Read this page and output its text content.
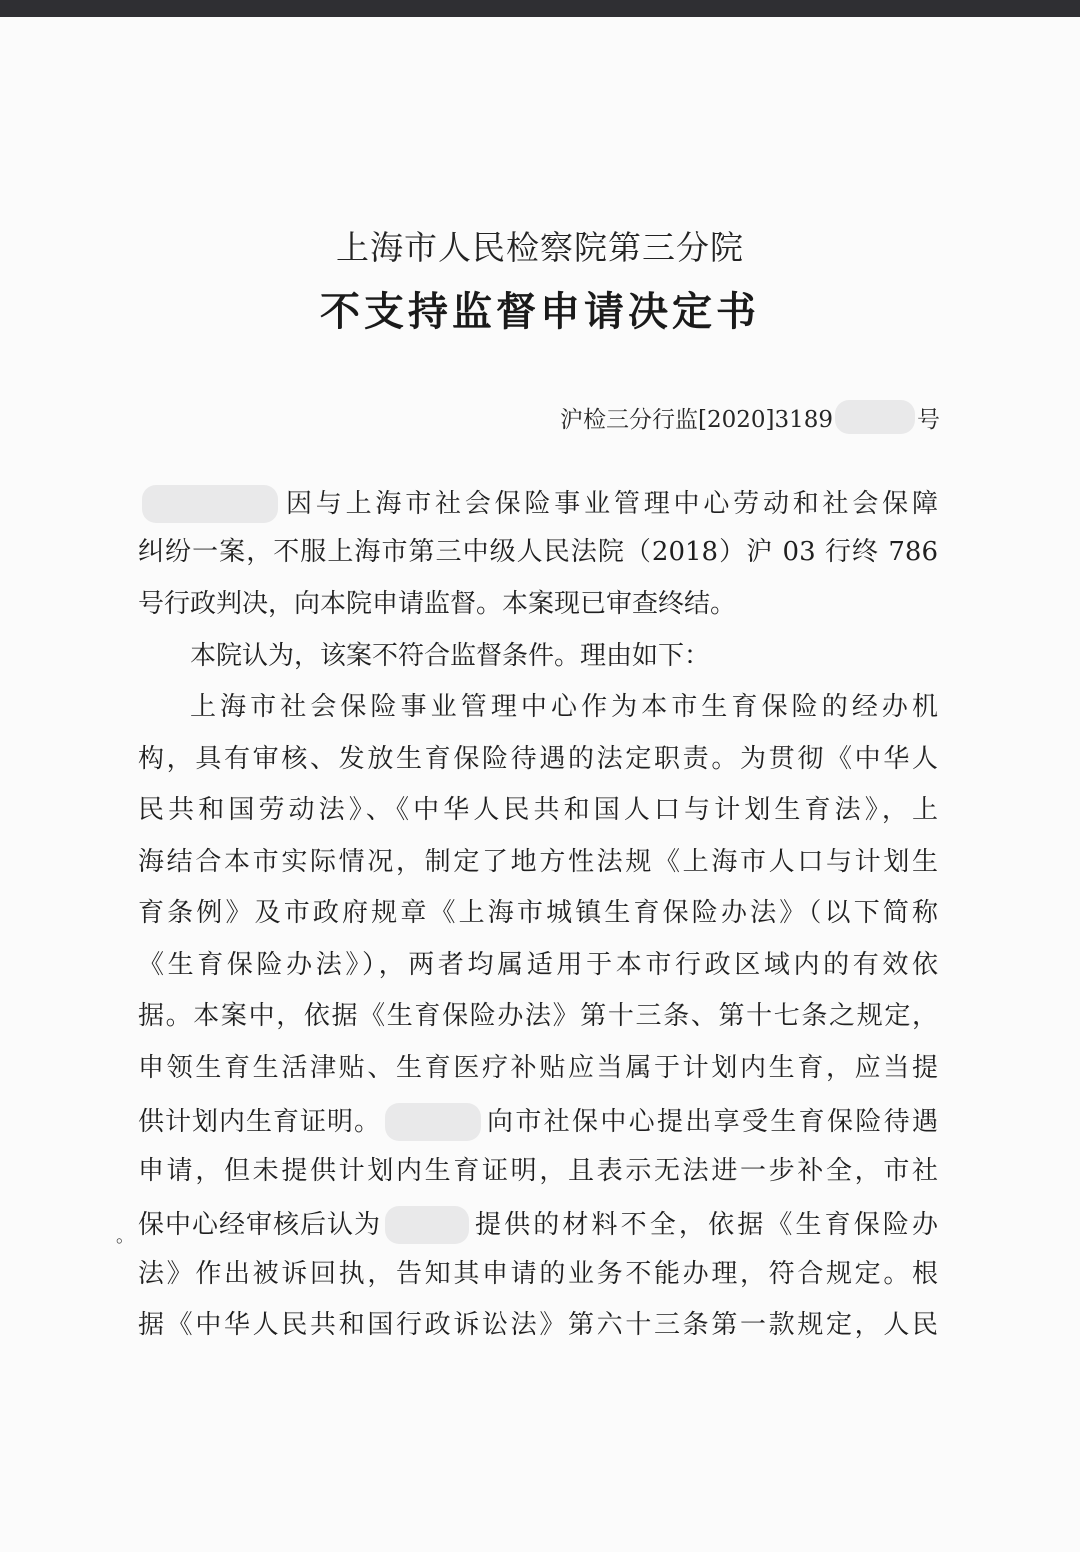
上海市人民检察院第三分院
不支持监督申请决定书
沪检三分行监[2020]3189	号
因与上海市社会保险事业管理中心劳动和社会保障
纠纷一案，不服上海市第三中级人民法院（2018）沪 03 行终 786
号行政判决，向本院申请监督。本案现已审查终结。
本院认为，该案不符合监督条件。理由如下：
上海市社会保险事业管理中心作为本市生育保险的经办机
构，具有审核、发放生育保险待遇的法定职责。为贯彻《中华人
民共和国劳动法》、《中华人民共和国人口与计划生育法》，上
海结合本市实际情况，制定了地方性法规《上海市人口与计划生
育条例》及市政府规章《上海市城镇生育保险办法》（以下简称
《生育保险办法》），两者均属适用于本市行政区域内的有效依
据。本案中，依据《生育保险办法》第十三条、第十七条之规定，
申领生育生活津贴、生育医疗补贴应当属于计划内生育，应当提
供计划内生育证明。	向市社保中心提出享受生育保险待遇
申请，但未提供计划内生育证明，且表示无法进一步补全，市社
保中心经审核后认为	提供的材料不全，依据《生育保险办
法》作出被诉回执，告知其申请的业务不能办理，符合规定。根
据《中华人民共和国行政诉讼法》第六十三条第一款规定，人民
。
